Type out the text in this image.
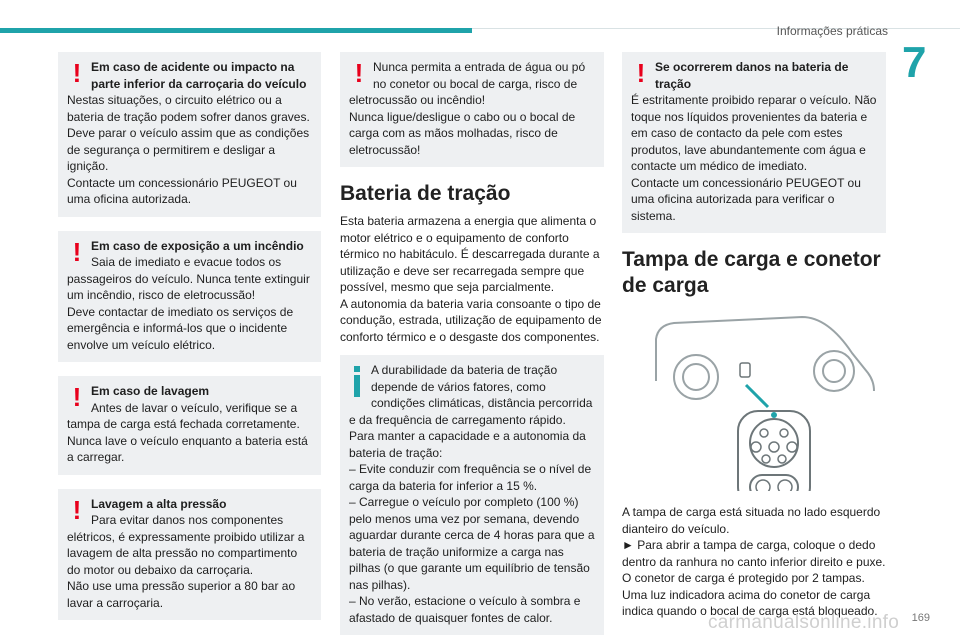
Informações práticas
7
! Em caso de acidente ou impacto na parte inferior da carroçaria do veículo

Nestas situações, o circuito elétrico ou a bateria de tração podem sofrer danos graves.

Deve parar o veículo assim que as condições de segurança o permitirem e desligar a ignição.

Contacte um concessionário PEUGEOT ou uma oficina autorizada.

! Em caso de exposição a um incêndio

Saia de imediato e evacue todos os passageiros do veículo. Nunca tente extinguir um incêndio, risco de eletrocussão!

Deve contactar de imediato os serviços de emergência e informá-los que o incidente envolve um veículo elétrico.

! Em caso de lavagem

Antes de lavar o veículo, verifique se a tampa de carga está fechada corretamente.

Nunca lave o veículo enquanto a bateria está a carregar.

! Lavagem a alta pressão

Para evitar danos nos componentes elétricos, é expressamente proibido utilizar a lavagem de alta pressão no compartimento do motor ou debaixo da carroçaria.

Não use uma pressão superior a 80 bar ao lavar a carroçaria.

! Nunca permita a entrada de água ou pó no conetor ou bocal de carga, risco de eletrocussão ou incêndio!

Nunca ligue/desligue o cabo ou o bocal de carga com as mãos molhadas, risco de eletrocussão!

Bateria de tração

Esta bateria armazena a energia que alimenta o motor elétrico e o equipamento de conforto térmico no habitáculo. É descarregada durante a utilização e deve ser recarregada sempre que possível, mesmo que seja parcialmente.

A autonomia da bateria varia consoante o tipo de condução, estrada, utilização de equipamento de conforto térmico e o desgaste dos componentes.

A durabilidade da bateria de tração depende de vários fatores, como condições climáticas, distância percorrida e da frequência de carregamento rápido.

Para manter a capacidade e a autonomia da bateria de tração:

– Evite conduzir com frequência se o nível de carga da bateria for inferior a 15 %.

– Carregue o veículo por completo (100 %) pelo menos uma vez por semana, devendo aguardar durante cerca de 4 horas para que a bateria de tração uniformize a carga nas pilhas (o que garante um equilíbrio de tensão nas pilhas).

– No verão, estacione o veículo à sombra e afastado de quaisquer fontes de calor.

! Se ocorrerem danos na bateria de tração

É estritamente proibido reparar o veículo. Não toque nos líquidos provenientes da bateria e em caso de contacto da pele com estes produtos, lave abundantemente com água e contacte um médico de imediato.

Contacte um concessionário PEUGEOT ou uma oficina autorizada para verificar o sistema.

Tampa de carga e conetor de carga

A tampa de carga está situada no lado esquerdo dianteiro do veículo.

► Para abrir a tampa de carga, coloque o dedo dentro da ranhura no canto inferior direito e puxe.

O conetor de carga é protegido por 2 tampas.

Uma luz indicadora acima do conetor de carga indica quando o bocal de carga está bloqueado.

carmanualsonline.info 169
